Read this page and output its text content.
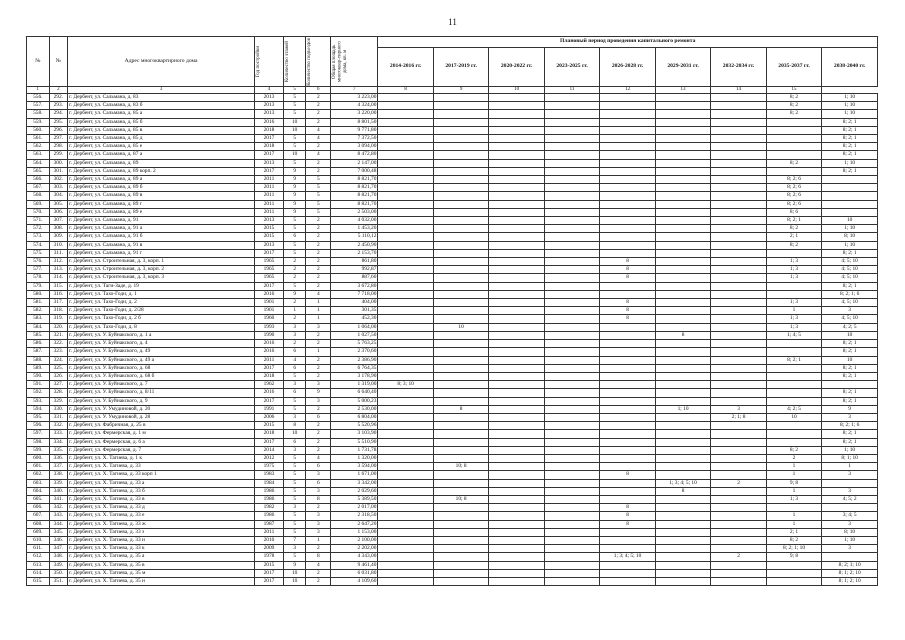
11
№	№	Адрес многоквартирного дома	Год постройки	Количество этажей	Количество подъездов	Общая площадь многоквар-тирного дома, кв. м	Плановый период проведения капитального ремонта								
							2014-2016 гг.	2017-2019 гг.	2020-2022 гг.	2023-2025 гг.	2026-2028 гг.	2029-2031 гг.	2032-2034 гг.	2035-2037 гг.	2038-2040 гг.
1	2	3	4	5	6	7	8	9	10	11	12	13	14	15	
556.	292.	г. Дербент, ул. Сальмана, д. 83	2013	5	2	3 223,00								8; 2	1; 10
557.	293.	г. Дербент, ул. Сальмана, д. 83 б	2013	5	2	4 324,00								8; 2	1; 10
558.	294.	г. Дербент, ул. Сальмана, д. 85 а	2013	5	2	3 220,00								8; 2	1; 10
559.	295.	г. Дербент, ул. Сальмана, д. 85 б	2016	10	2	8 801,50									8; 2; 1
560.	296.	г. Дербент, ул. Сальмана, д. 85 в	2018	10	4	9 771,80									8; 2; 1
561.	297.	г. Дербент, ул. Сальмана, д. 85 д	2017	5	4	7 372,50									8; 2; 1
562.	298.	г. Дербент, ул. Сальмана, д. 85 е	2018	5	2	3 094,00									8; 2; 1
563.	299.	г. Дербент, ул. Сальмана, д. 87 а	2017	10	4	8 472,80									8; 2; 1
564.	300.	г. Дербент, ул. Сальмана, д. 89	2013	5	2	2 147,00								8; 2	1; 10
565.	301.	г. Дербент, ул. Сальмана, д. 89 корп. 2	2017	9	2	7 000,48									8; 2; 1
566.	302.	г. Дербент, ул. Сальмана, д. 89 а	2011	9	5	8 821,70								8; 2; 6	
567.	303.	г. Дербент, ул. Сальмана, д. 89 б	2011	9	5	8 821,70								8; 2; 6	
568.	304.	г. Дербент, ул. Сальмана, д. 89 в	2011	9	5	8 821,70								8; 2; 6	
569.	305.	г. Дербент, ул. Сальмана, д. 89 г	2011	9	5	8 821,70								8; 2; 6	
570.	306.	г. Дербент, ул. Сальмана, д. 89 е	2011	9	5	2 503,00								8; 6	
571.	307.	г. Дербент, ул. Сальмана, д. 91	2013	5	2	4 032,00								8; 2; 1	10
572.	308.	г. Дербент, ул. Сальмана, д. 91 а	2015	5	2	1 453,20								8; 2	1; 10
573.	309.	г. Дербент, ул. Сальмана, д. 91 б	2015	6	2	5 110,12								2; 1	8; 10
574.	310.	г. Дербент, ул. Сальмана, д. 91 в	2013	5	2	2 450,90								8; 2	1; 10
575.	311.	г. Дербент, ул. Сальмана, д. 91 г	2017	5	2	2 153,70									8; 2; 1
576.	312.	г. Дербент, ул. Строительная, д. 3, корп. 1	1965	2	2	861,80					8			1; 3	4; 5; 10
577.	313.	г. Дербент, ул. Строительная, д. 3, корп. 2	1965	2	2	992,87					8			1; 3	4; 5; 10
578.	314.	г. Дербент, ул. Строительная, д. 3, корп. 3	1965	2	2	887,60					8			1; 3	4; 5; 10
579.	315.	г. Дербент, ул. Таги-Заде, д. 19	2017	5	2	3 672,80									8; 2; 1
580.	316.	г. Дербент, ул. Тахо-Годи, д. 1	2016	9	4	7 718,00									8; 2; 1; 6
581.	317.	г. Дербент, ул. Тахо-Годи, д. 2	1901	2	1	404,00					8			1; 3	4; 5; 10
582.	318.	г. Дербент, ул. Тахо-Годи, д. 2/28	1901	1	1	301,35					8			1	3
583.	319.	г. Дербент, ул. Тахо-Годи, д. 2 б	1960	2	1	452,30					8			1; 3	4; 5; 10
584.	320.	г. Дербент, ул. Тахо-Годи, д. 8	1993	3	3	1 064,00		10						1; 3	4; 2; 5
585.	321.	г. Дербент, ул. У. Буйнакского, д. 1 а	1990	3	2	1 027,50						8		1; 4; 5	10
586.	322.	г. Дербент, ул. У. Буйнакского, д. 4	2016	2	2	5 763,25									8; 2; 1
587.	323.	г. Дербент, ул. У. Буйнакского, д. 49	2016	6	1	2 370,60									8; 2; 1
588.	324.	г. Дербент, ул. У. Буйнакского, д. 49 а	2011	4	2	2 386,90								8; 2; 1	10
589.	325.	г. Дербент, ул. У. Буйнакского, д. 68	2017	6	2	6 764,35									8; 2; 1
590.	326.	г. Дербент, ул. У. Буйнакского, д. 68 б	2018	5	2	3 178,90									8; 2; 1
591.	327.	г. Дербент, ул. У. Буйнакского, д. 7	1962	3	3	1 319,00	8; 3; 10								
592.	328.	г. Дербент, ул. У. Буйнакского, д. 8/11	2016	6	9	6 640,40									8; 2; 1
593.	329.	г. Дербент, ул. У. Буйнакского, д. 9	2017	5	3	5 000,23									8; 2; 1
594.	330.	г. Дербент, ул. У. Умудиновой, д. 20	1991	5	2	2 530,00		8				1; 10	3	4; 2; 5	9
595.	331.	г. Дербент, ул. У. Умудиновой, д. 28	2006	3	6	6 804,00							2; 1; 8	10	3
596.	332.	г. Дербент, ул. Фабричная, д. 25 в	2015	8	2	5 520,96									8; 2; 1; 6
597.	333.	г. Дербент, ул. Фермерская, д. 1 м	2018	10	2	3 103,90									8; 2; 1
598.	334.	г. Дербент, ул. Фермерская, д. 6 а	2017	6	2	5 510,90									8; 2; 1
599.	335.	г. Дербент, ул. Фермерская, д. 7	2014	3	2	1 731,78								8; 2	1; 10
600.	336.	г. Дербент, ул. Х. Тагиева, д. 1 к	2012	5	4	1 320,00								2	8; 1; 10
601.	337.	г. Дербент, ул. Х. Тагиева, д. 33	1975	5	6	3 594,00		10; 8						1	1
602.	338.	г. Дербент, ул. Х. Тагиева, д. 33 корп 1	1983	5	3	1 671,00					8			1	3
603.	339.	г. Дербент, ул. Х. Тагиева, д. 33 а	1984	5	6	3 342,00						1; 3; 4; 5; 10	2	9; 8	
604.	340.	г. Дербент, ул. Х. Тагиева, д. 33 б	1986	5	3	2 029,60						8		1	3
605.	341.	г. Дербент, ул. Х. Тагиева, д. 33 в	1986	5	8	5 389,50		10; 8						1; 3	4; 5; 2
606.	342.	г. Дербент, ул. Х. Тагиева, д. 33 д	1982	3	2	2 017,00					8				
607.	343.	г. Дербент, ул. Х. Тагиева, д. 33 е	1986	5	3	2 318,50					8			1	3; 4; 5
608.	344.	г. Дербент, ул. Х. Тагиева, д. 33 ж	1987	5	3	2 647,20					8			1	3
609.	345.	г. Дербент, ул. Х. Тагиева, д. 33 з	2011	5	3	1 153,00								2; 1	8; 10
610.	346.	г. Дербент, ул. Х. Тагиева, д. 33 и	2010	7	1	2 100,00								8; 2	1; 10
611.	347.	г. Дербент, ул. Х. Тагиева, д. 33 к	2009	3	2	2 202,00								8; 2; 1; 10	3
612.	348.	г. Дербент, ул. Х. Тагиева, д. 35 а	1978	5	8	4 343,00					1; 3; 4; 5; 10		2	9; 8	
613.	349.	г. Дербент, ул. Х. Тагиева, д. 35 в	2015	9	4	9 461,40									8; 2; 1; 10
614.	350.	г. Дербент, ул. Х. Тагиева, д. 35 м	2017	10	2	6 031,80									8; 1; 2; 10
615.	351.	г. Дербент, ул. Х. Тагиева, д. 35 н	2017	10	2	4 109,60									8; 1; 2; 10
